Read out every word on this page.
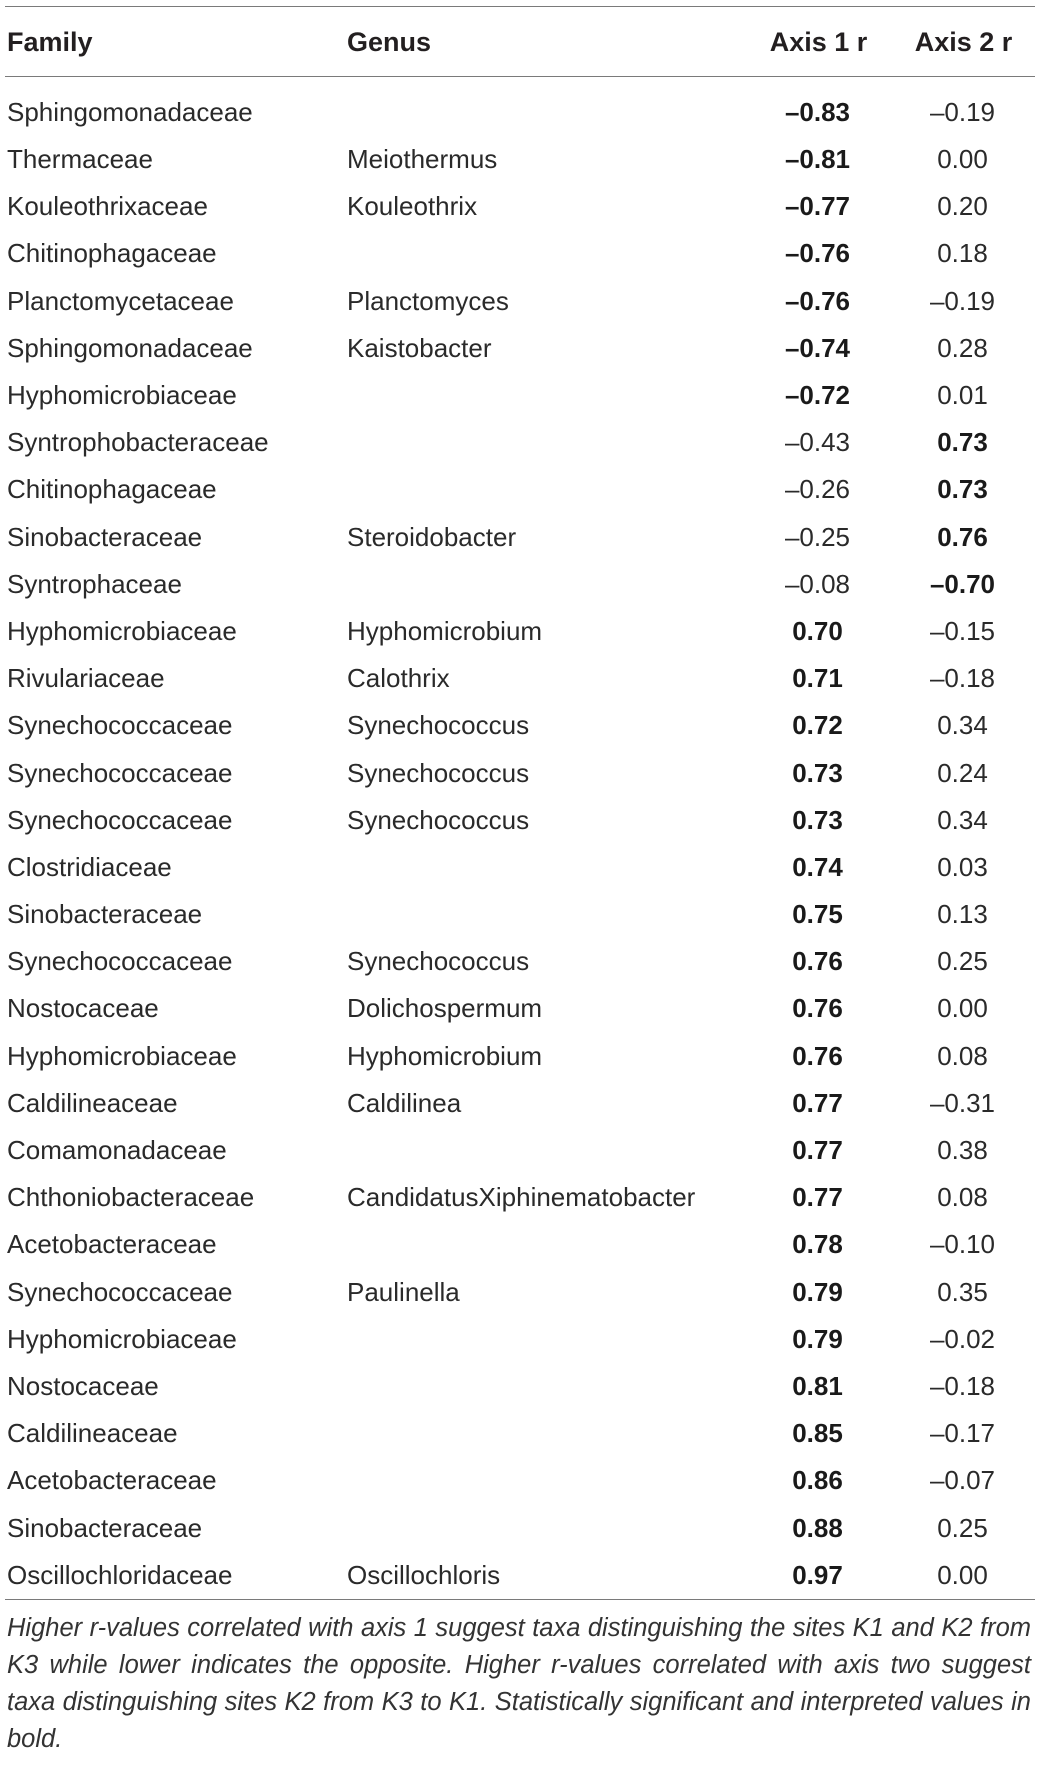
Family	Genus	Axis 1 r	Axis 2 r
Sphingomonadaceae		–0.83	–0.19
Thermaceae	Meiothermus	–0.81	0.00
Kouleothrixaceae	Kouleothrix	–0.77	0.20
Chitinophagaceae		–0.76	0.18
Planctomycetaceae	Planctomyces	–0.76	–0.19
Sphingomonadaceae	Kaistobacter	–0.74	0.28
Hyphomicrobiaceae		–0.72	0.01
Syntrophobacteraceae		–0.43	0.73
Chitinophagaceae		–0.26	0.73
Sinobacteraceae	Steroidobacter	–0.25	0.76
Syntrophaceae		–0.08	–0.70
Hyphomicrobiaceae	Hyphomicrobium	0.70	–0.15
Rivulariaceae	Calothrix	0.71	–0.18
Synechococcaceae	Synechococcus	0.72	0.34
Synechococcaceae	Synechococcus	0.73	0.24
Synechococcaceae	Synechococcus	0.73	0.34
Clostridiaceae		0.74	0.03
Sinobacteraceae		0.75	0.13
Synechococcaceae	Synechococcus	0.76	0.25
Nostocaceae	Dolichospermum	0.76	0.00
Hyphomicrobiaceae	Hyphomicrobium	0.76	0.08
Caldilineaceae	Caldilinea	0.77	–0.31
Comamonadaceae		0.77	0.38
Chthoniobacteraceae	CandidatusXiphinematobacter	0.77	0.08
Acetobacteraceae		0.78	–0.10
Synechococcaceae	Paulinella	0.79	0.35
Hyphomicrobiaceae		0.79	–0.02
Nostocaceae		0.81	–0.18
Caldilineaceae		0.85	–0.17
Acetobacteraceae		0.86	–0.07
Sinobacteraceae		0.88	0.25
Oscillochloridaceae	Oscillochloris	0.97	0.00
Higher r-values correlated with axis 1 suggest taxa distinguishing the sites K1 and K2 from K3 while lower indicates the opposite. Higher r-values correlated with axis two suggest taxa distinguishing sites K2 from K3 to K1. Statistically significant and interpreted values in bold.
